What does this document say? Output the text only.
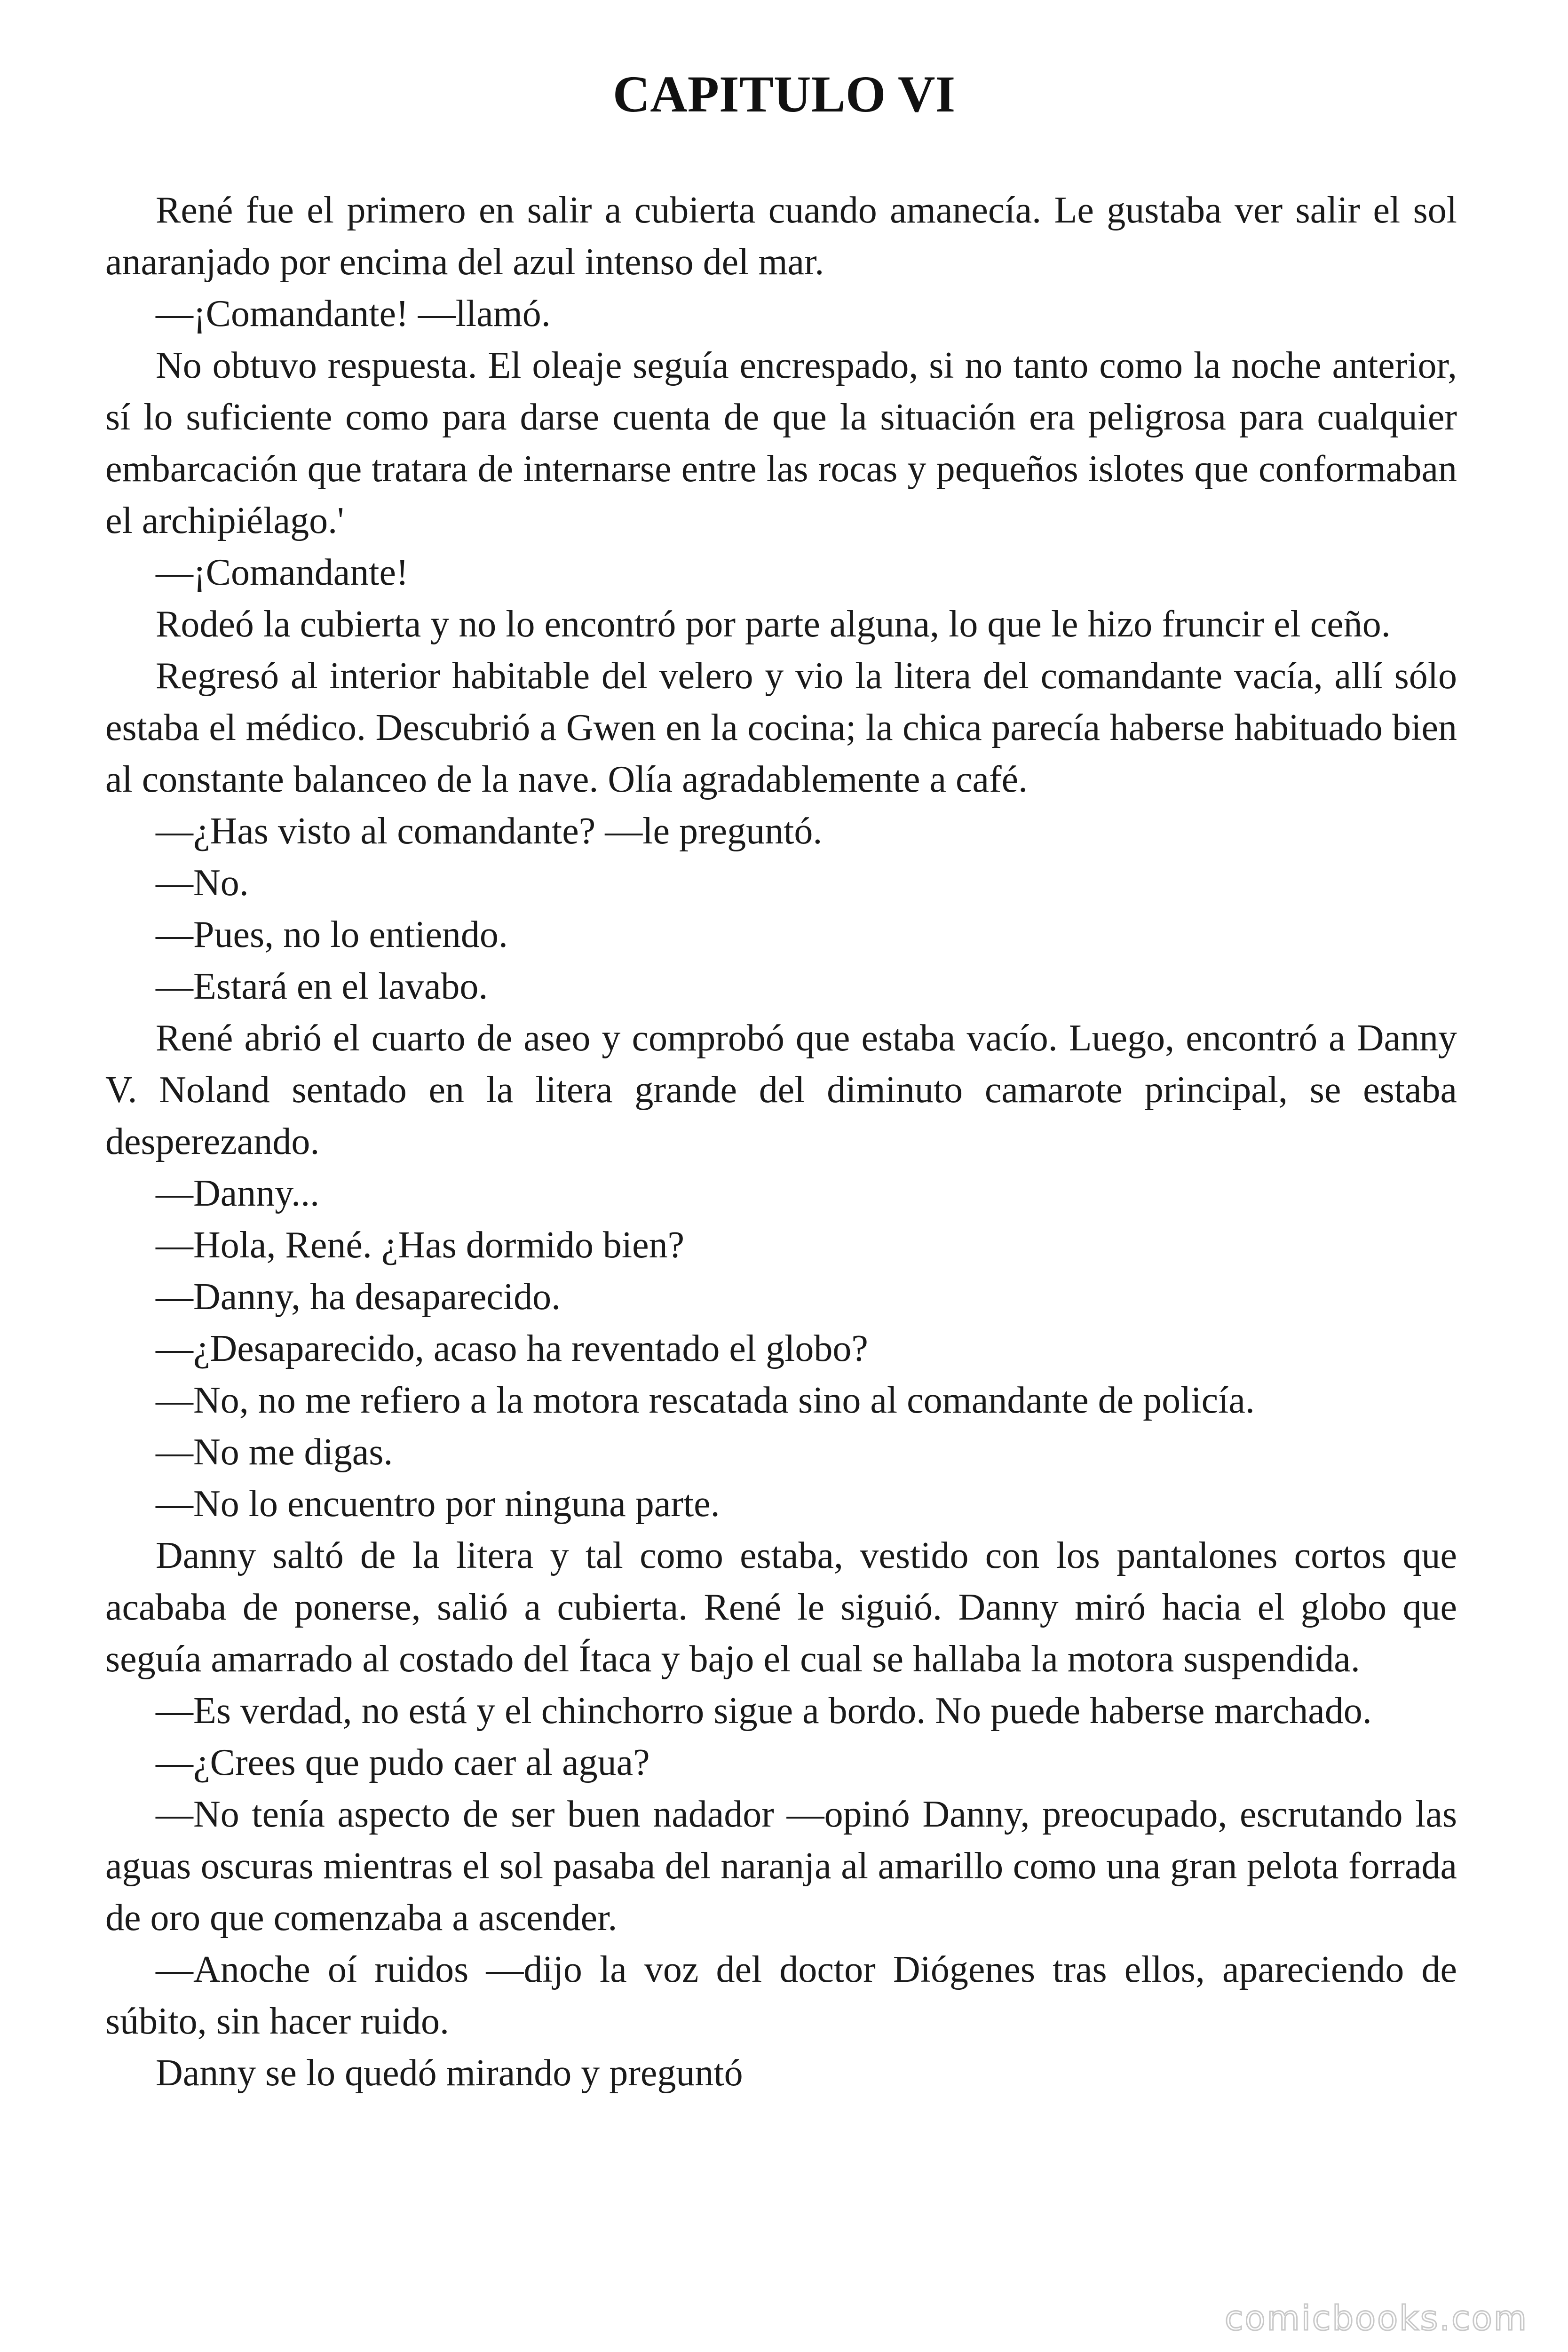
CAPITULO VI

René fue el primero en salir a cubierta cuando amanecía. Le gustaba ver salir el sol anaranjado por encima del azul intenso del mar.

—¡Comandante! —llamó.

No obtuvo respuesta. El oleaje seguía encrespado, si no tanto como la noche anterior, sí lo suficiente como para darse cuenta de que la situación era peligrosa para cualquier embarcación que tratara de internarse entre las rocas y pequeños islotes que conformaban el archipiélago.'

—¡Comandante!

Rodeó la cubierta y no lo encontró por parte alguna, lo que le hizo fruncir el ceño.

Regresó al interior habitable del velero y vio la litera del comandante vacía, allí sólo estaba el médico. Descubrió a Gwen en la cocina; la chica parecía haberse habituado bien al constante balanceo de la nave. Olía agradablemente a café.

—¿Has visto al comandante? —le preguntó.

—No.

—Pues, no lo entiendo.

—Estará en el lavabo.

René abrió el cuarto de aseo y comprobó que estaba vacío. Luego, encontró a Danny V. Noland sentado en la litera grande del diminuto camarote principal, se estaba desperezando.

—Danny...

—Hola, René. ¿Has dormido bien?

—Danny, ha desaparecido.

—¿Desaparecido, acaso ha reventado el globo?

—No, no me refiero a la motora rescatada sino al comandante de policía.

—No me digas.

—No lo encuentro por ninguna parte.

Danny saltó de la litera y tal como estaba, vestido con los pantalones cortos que acababa de ponerse, salió a cubierta. René le siguió. Danny miró hacia el globo que seguía amarrado al costado del Ítaca y bajo el cual se hallaba la motora suspendida.

—Es verdad, no está y el chinchorro sigue a bordo. No puede haberse marchado.

—¿Crees que pudo caer al agua?

—No tenía aspecto de ser buen nadador —opinó Danny, preocupado, escrutando las aguas oscuras mientras el sol pasaba del naranja al amarillo como una gran pelota forrada de oro que comenzaba a ascender.

—Anoche oí ruidos —dijo la voz del doctor Diógenes tras ellos, apareciendo de súbito, sin hacer ruido.

Danny se lo quedó mirando y preguntó

comicbooks.com
